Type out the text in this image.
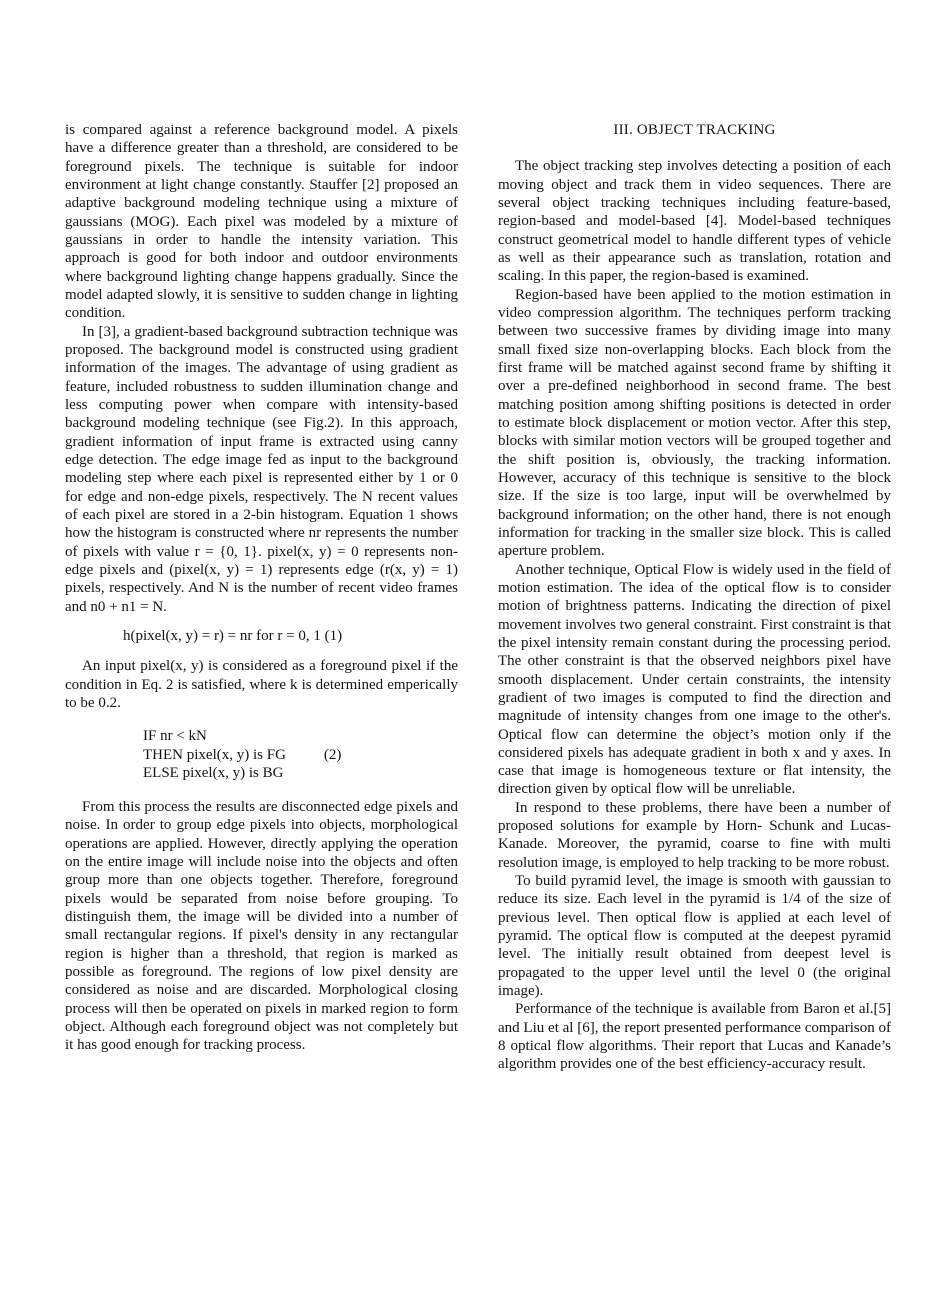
is compared against a reference background model. A pixels have a difference greater than a threshold, are considered to be foreground pixels. The technique is suitable for indoor environment at light change constantly. Stauffer [2] proposed an adaptive background modeling technique using a mixture of gaussians (MOG). Each pixel was modeled by a mixture of gaussians in order to handle the intensity variation. This approach is good for both indoor and outdoor environments where background lighting change happens gradually. Since the model adapted slowly, it is sensitive to sudden change in lighting condition.

In [3], a gradient-based background subtraction technique was proposed. The background model is constructed using gradient information of the images. The advantage of using gradient as feature, included robustness to sudden illumination change and less computing power when compare with intensity-based background modeling technique (see Fig.2). In this approach, gradient information of input frame is extracted using canny edge detection. The edge image fed as input to the background modeling step where each pixel is represented either by 1 or 0 for edge and non-edge pixels, respectively. The N recent values of each pixel are stored in a 2-bin histogram. Equation 1 shows how the histogram is constructed where nr represents the number of pixels with value r = {0, 1}. pixel(x, y) = 0 represents non-edge pixels and (pixel(x, y) = 1) represents edge (r(x, y) = 1) pixels, respectively. And N is the number of recent video frames and n0 + n1 = N.

h(pixel(x, y) = r) = nr for r = 0, 1 (1)

An input pixel(x, y) is considered as a foreground pixel if the condition in Eq. 2 is satisfied, where k is determined emperically to be 0.2.

IF nr < kN

THEN pixel(x, y) is FG	(2)

ELSE pixel(x, y) is BG

From this process the results are disconnected edge pixels and noise. In order to group edge pixels into objects, morphological operations are applied. However, directly applying the operation on the entire image will include noise into the objects and often group more than one objects together. Therefore, foreground pixels would be separated from noise before grouping. To distinguish them, the image will be divided into a number of small rectangular regions. If pixel's density in any rectangular region is higher than a threshold, that region is marked as possible as foreground. The regions of low pixel density are considered as noise and are discarded. Morphological closing process will then be operated on pixels in marked region to form object. Although each foreground object was not completely but it has good enough for tracking process.

III. OBJECT TRACKING

The object tracking step involves detecting a position of each moving object and track them in video sequences. There are several object tracking techniques including feature-based, region-based and model-based [4]. Model-based techniques construct geometrical model to handle different types of vehicle as well as their appearance such as translation, rotation and scaling. In this paper, the region-based is examined.

Region-based have been applied to the motion estimation in video compression algorithm. The techniques perform tracking between two successive frames by dividing image into many small fixed size non-overlapping blocks. Each block from the first frame will be matched against second frame by shifting it over a pre-defined neighborhood in second frame. The best matching position among shifting positions is detected in order to estimate block displacement or motion vector. After this step, blocks with similar motion vectors will be grouped together and the shift position is, obviously, the tracking information. However, accuracy of this technique is sensitive to the block size. If the size is too large, input will be overwhelmed by background information; on the other hand, there is not enough information for tracking in the smaller size block. This is called aperture problem.

Another technique, Optical Flow is widely used in the field of motion estimation. The idea of the optical flow is to consider motion of brightness patterns. Indicating the direction of pixel movement involves two general constraint. First constraint is that the pixel intensity remain constant during the processing period. The other constraint is that the observed neighbors pixel have smooth displacement. Under certain constraints, the intensity gradient of two images is computed to find the direction and magnitude of intensity changes from one image to the other's. Optical flow can determine the object’s motion only if the considered pixels has adequate gradient in both x and y axes. In case that image is homogeneous texture or flat intensity, the direction given by optical flow will be unreliable.

In respond to these problems, there have been a number of proposed solutions for example by Horn- Schunk and Lucas-Kanade. Moreover, the pyramid, coarse to fine with multi resolution image, is employed to help tracking to be more robust.

To build pyramid level, the image is smooth with gaussian to reduce its size. Each level in the pyramid is 1/4 of the size of previous level. Then optical flow is applied at each level of pyramid. The optical flow is computed at the deepest pyramid level. The initially result obtained from deepest level is propagated to the upper level until the level 0 (the original image).

Performance of the technique is available from Baron et al.[5] and Liu et al [6], the report presented performance comparison of 8 optical flow algorithms. Their report that Lucas and Kanade’s algorithm provides one of the best efficiency-accuracy result.
